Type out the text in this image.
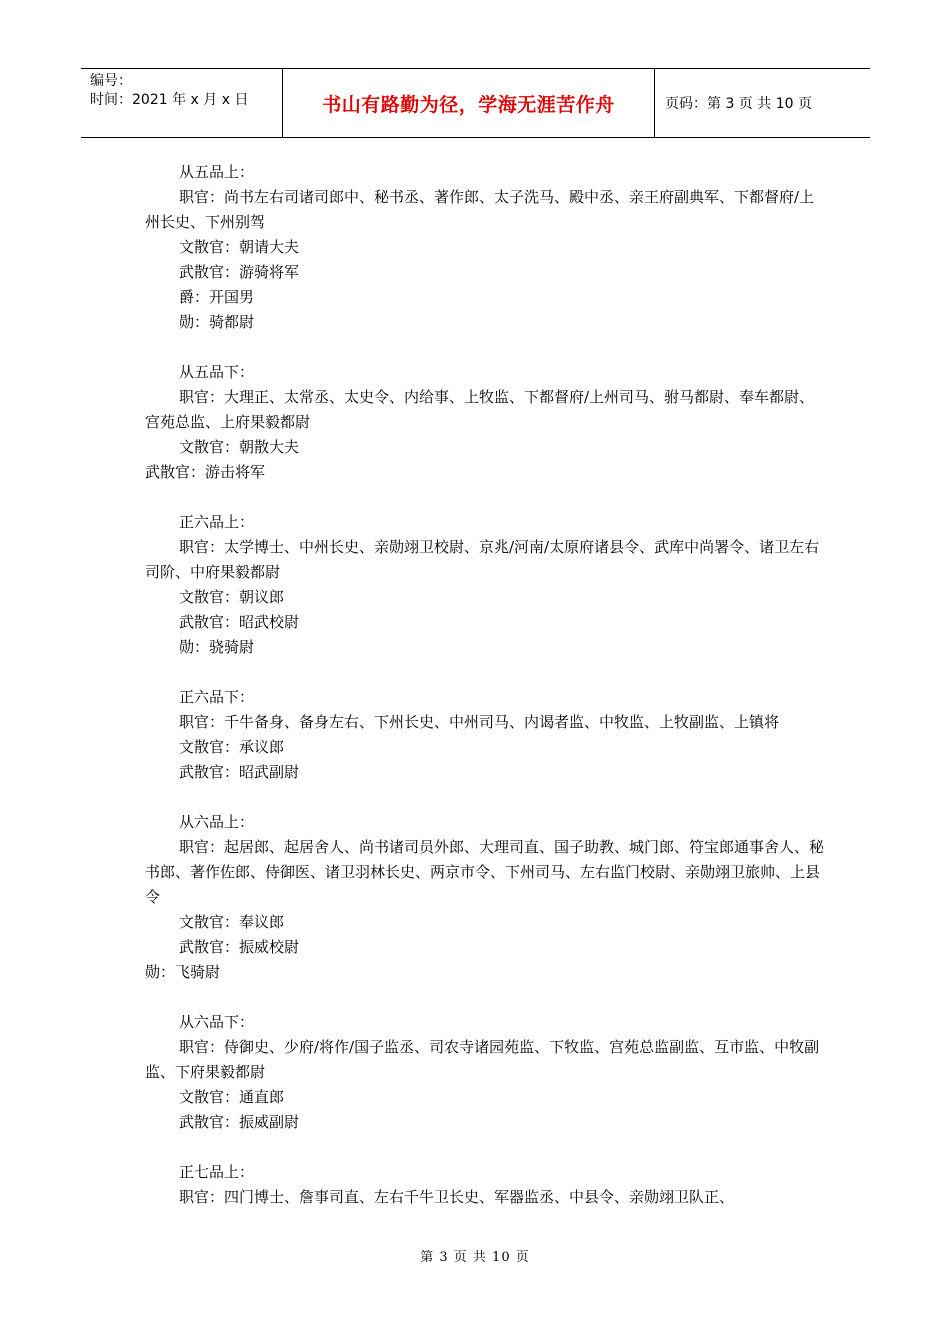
编号：
时间：2021 年 x 月 x 日	书山有路勤为径，学海无涯苦作舟	页码：第 3 页 共 10 页
从五品上：
职官：尚书左右司诸司郎中、秘书丞、著作郎、太子洗马、殿中丞、亲王府副典军、下都督府/上州长史、下州别驾
文散官：朝请大夫
武散官：游骑将军
爵：开国男
勋：骑都尉
从五品下：
职官：大理正、太常丞、太史令、内给事、上牧监、下都督府/上州司马、驸马都尉、奉车都尉、宫苑总监、上府果毅都尉
文散官：朝散大夫
武散官：游击将军
正六品上：
职官：太学博士、中州长史、亲勋翊卫校尉、京兆/河南/太原府诸县令、武库中尚署令、诸卫左右司阶、中府果毅都尉
文散官：朝议郎
武散官：昭武校尉
勋：骁骑尉
正六品下：
职官：千牛备身、备身左右、下州长史、中州司马、内谒者监、中牧监、上牧副监、上镇将
文散官：承议郎
武散官：昭武副尉
从六品上：
职官：起居郎、起居舍人、尚书诸司员外郎、大理司直、国子助教、城门郎、符宝郎通事舍人、秘书郎、著作佐郎、侍御医、诸卫羽林长史、两京市令、下州司马、左右监门校尉、亲勋翊卫旅帅、上县令
文散官：奉议郎
武散官：振威校尉
勋：飞骑尉
从六品下：
职官：侍御史、少府/将作/国子监丞、司农寺诸园苑监、下牧监、宫苑总监副监、互市监、中牧副监、下府果毅都尉
文散官：通直郎
武散官：振威副尉
正七品上：
职官：四门博士、詹事司直、左右千牛卫长史、军器监丞、中县令、亲勋翊卫队正、
第 3 页 共 10 页
